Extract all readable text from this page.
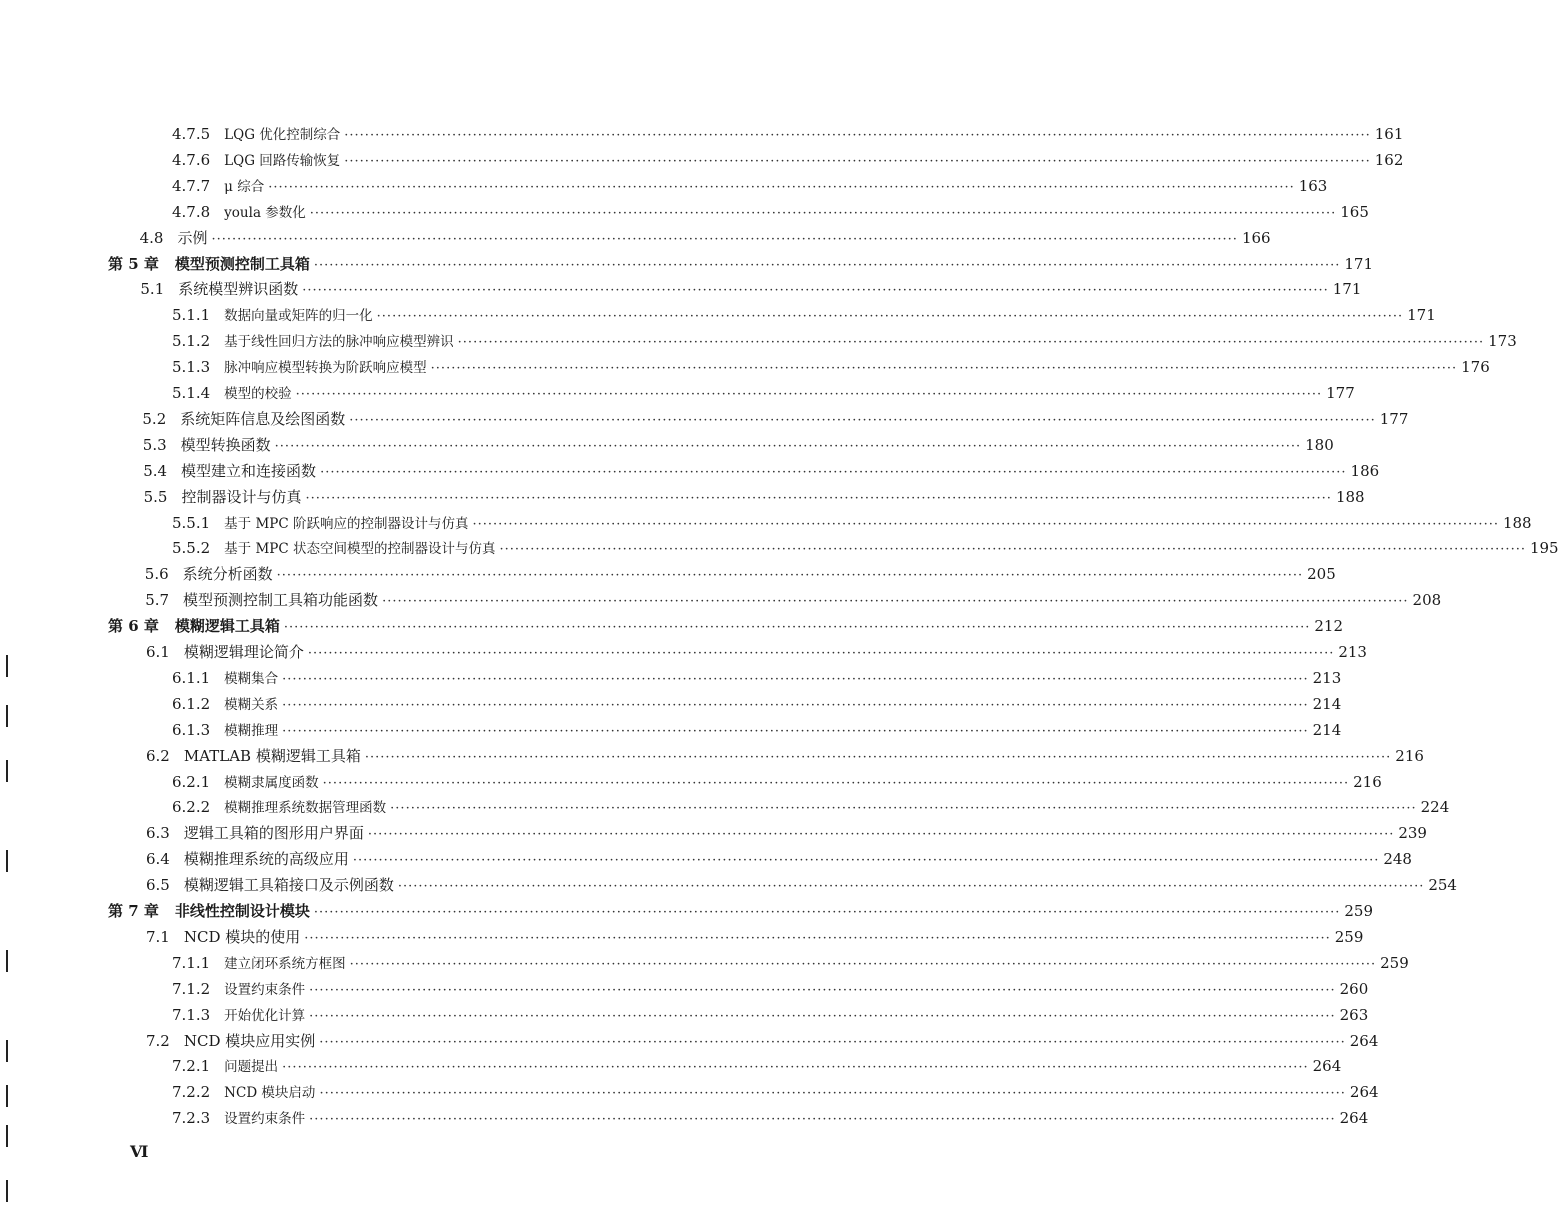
4.7.5 LQG 优化控制综合 ········································································································································································································ 161
4.7.6 LQG 回路传输恢复 ········································································································································································································ 162
4.7.7 μ 综合 ········································································································································································································ 163
4.7.8 youla 参数化 ········································································································································································································ 165
4.8 示例 ········································································································································································································ 166
第 5 章 模型预测控制工具箱 ········································································································································································································ 171
5.1 系统模型辨识函数 ········································································································································································································ 171
5.1.1 数据向量或矩阵的归一化 ········································································································································································································ 171
5.1.2 基于线性回归方法的脉冲响应模型辨识 ········································································································································································································ 173
5.1.3 脉冲响应模型转换为阶跃响应模型 ········································································································································································································ 176
5.1.4 模型的校验 ········································································································································································································ 177
5.2 系统矩阵信息及绘图函数 ········································································································································································································ 177
5.3 模型转换函数 ········································································································································································································ 180
5.4 模型建立和连接函数 ········································································································································································································ 186
5.5 控制器设计与仿真 ········································································································································································································ 188
5.5.1 基于 MPC 阶跃响应的控制器设计与仿真 ········································································································································································································ 188
5.5.2 基于 MPC 状态空间模型的控制器设计与仿真 ········································································································································································································ 195
5.6 系统分析函数 ········································································································································································································ 205
5.7 模型预测控制工具箱功能函数 ········································································································································································································ 208
第 6 章 模糊逻辑工具箱 ········································································································································································································ 212
6.1 模糊逻辑理论简介 ········································································································································································································ 213
6.1.1 模糊集合 ········································································································································································································ 213
6.1.2 模糊关系 ········································································································································································································ 214
6.1.3 模糊推理 ········································································································································································································ 214
6.2 MATLAB 模糊逻辑工具箱 ········································································································································································································ 216
6.2.1 模糊隶属度函数 ········································································································································································································ 216
6.2.2 模糊推理系统数据管理函数 ········································································································································································································ 224
6.3 逻辑工具箱的图形用户界面 ········································································································································································································ 239
6.4 模糊推理系统的高级应用 ········································································································································································································ 248
6.5 模糊逻辑工具箱接口及示例函数 ········································································································································································································ 254
第 7 章 非线性控制设计模块 ········································································································································································································ 259
7.1 NCD 模块的使用 ········································································································································································································ 259
7.1.1 建立闭环系统方框图 ········································································································································································································ 259
7.1.2 设置约束条件 ········································································································································································································ 260
7.1.3 开始优化计算 ········································································································································································································ 263
7.2 NCD 模块应用实例 ········································································································································································································ 264
7.2.1 问题提出 ········································································································································································································ 264
7.2.2 NCD 模块启动 ········································································································································································································ 264
7.2.3 设置约束条件 ········································································································································································································ 264
Ⅵ
